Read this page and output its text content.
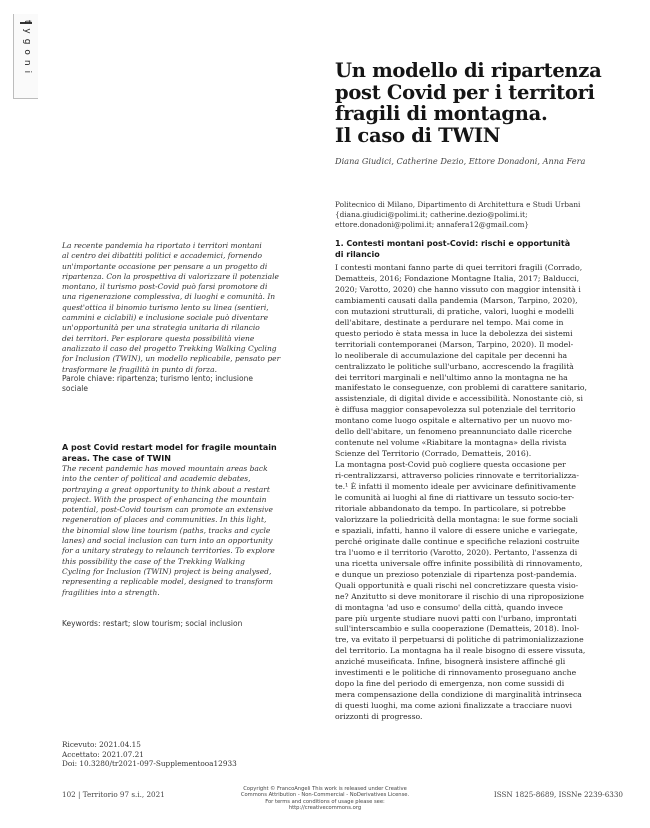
tygoni	Un modello di ripartenza
post Covid per i territori
fragili di montagna.
Il caso di TWIN
Diana Giudici, Catherine Dezio, Ettore Donadoni, Anna Fera
Politecnico di Milano, Dipartimento di Architettura e Studi Urbani
{diana.giudici@polimi.it; catherine.dezio@polimi.it;
ettore.donadoni@polimi.it; annafera12@gmail.com}
La recente pandemia ha riportato i territori montani
al centro dei dibattiti politici e accademici, fornendo
un'importante occasione per pensare a un progetto di
ripartenza. Con la prospettiva di valorizzare il potenziale
montano, il turismo post-Covid può farsi promotore di
una rigenerazione complessiva, di luoghi e comunità. In
quest'ottica il binomio turismo lento su linea (sentieri,
cammini e ciclabili) e inclusione sociale può diventare
un'opportunità per una strategia unitaria di rilancio
dei territori. Per esplorare questa possibilità viene
analizzato il caso del progetto Trekking Walking Cycling
for Inclusion (TWIN), un modello replicabile, pensato per
trasformare le fragilità in punto di forza.
Parole chiave: ripartenza; turismo lento; inclusione
sociale
A post Covid restart model for fragile mountain
areas. The case of TWIN
The recent pandemic has moved mountain areas back
into the center of political and academic debates,
portraying a great opportunity to think about a restart
project. With the prospect of enhancing the mountain
potential, post-Covid tourism can promote an extensive
regeneration of places and communities. In this light,
the binomial slow line tourism (paths, tracks and cycle
lanes) and social inclusion can turn into an opportunity
for a unitary strategy to relaunch territories. To explore
this possibility the case of the Trekking Walking
Cycling for Inclusion (TWIN) project is being analysed,
representing a replicable model, designed to transform
fragilities into a strength.
Keywords: restart; slow tourism; social inclusion
Ricevuto: 2021.04.15
Accettato: 2021.07.21
Doi: 10.3280/tr2021-097-Supplementooa12933
1. Contesti montani post-Covid: rischi e opportunità
di rilancio
I contesti montani fanno parte di quei territori fragili (Corrado,
Dematteis, 2016; Fondazione Montagne Italia, 2017; Balducci,
2020; Varotto, 2020) che hanno vissuto con maggior intensità i
cambiamenti causati dalla pandemia (Marson, Tarpino, 2020),
con mutazioni strutturali, di pratiche, valori, luoghi e modelli
dell'abitare, destinate a perdurare nel tempo. Mai come in
questo periodo è stata messa in luce la debolezza dei sistemi
territoriali contemporanei (Marson, Tarpino, 2020). Il model-
lo neoliberale di accumulazione del capitale per decenni ha
centralizzato le politiche sull'urbano, accrescendo la fragilità
dei territori marginali e nell'ultimo anno la montagna ne ha
manifestato le conseguenze, con problemi di carattere sanitario,
assistenziale, di digital divide e accessibilità. Nonostante ciò, si
è diffusa maggior consapevolezza sul potenziale del territorio
montano come luogo ospitale e alternativo per un nuovo mo-
dello dell'abitare, un fenomeno preannunciato dalle ricerche
contenute nel volume «Riabitare la montagna» della rivista
Scienze del Territorio (Corrado, Dematteis, 2016).
La montagna post-Covid può cogliere questa occasione per
ri-centralizzarsi, attraverso policies rinnovate e territorializza-
te.¹ È infatti il momento ideale per avvicinare definitivamente
le comunità ai luoghi al fine di riattivare un tessuto socio-ter-
ritoriale abbandonato da tempo. In particolare, si potrebbe
valorizzare la poliedricità della montagna: le sue forme sociali
e spaziali, infatti, hanno il valore di essere uniche e variegate,
perché originate dalle continue e specifiche relazioni costruite
tra l'uomo e il territorio (Varotto, 2020). Pertanto, l'assenza di
una ricetta universale offre infinite possibilità di rinnovamento,
e dunque un prezioso potenziale di ripartenza post-pandemia.
Quali opportunità e quali rischi nel concretizzare questa visio-
ne? Anzitutto si deve monitorare il rischio di una riproposizione
di montagna 'ad uso e consumo' della città, quando invece
pare più urgente studiare nuovi patti con l'urbano, improntati
sull'interscambio e sulla cooperazione (Dematteis, 2018). Inol-
tre, va evitato il perpetuarsi di politiche di patrimonializzazione
del territorio. La montagna ha il reale bisogno di essere vissuta,
anziché museificata. Infine, bisognerà insistere affinché gli
investimenti e le politiche di rinnovamento proseguano anche
dopo la fine del periodo di emergenza, non come sussidi di
mera compensazione della condizione di marginalità intrinseca
di questi luoghi, ma come azioni finalizzate a tracciare nuovi
orizzonti di progresso.
102 | Territorio 97 s.i., 2021
Copyright © FrancoAngeli This work is released under Creative
Commons Attribution - Non-Commercial - NoDerivatives License.
For terms and conditions of usage please see:
http://creativecommons.org
ISSN 1825-8689, ISSNe 2239-6330
